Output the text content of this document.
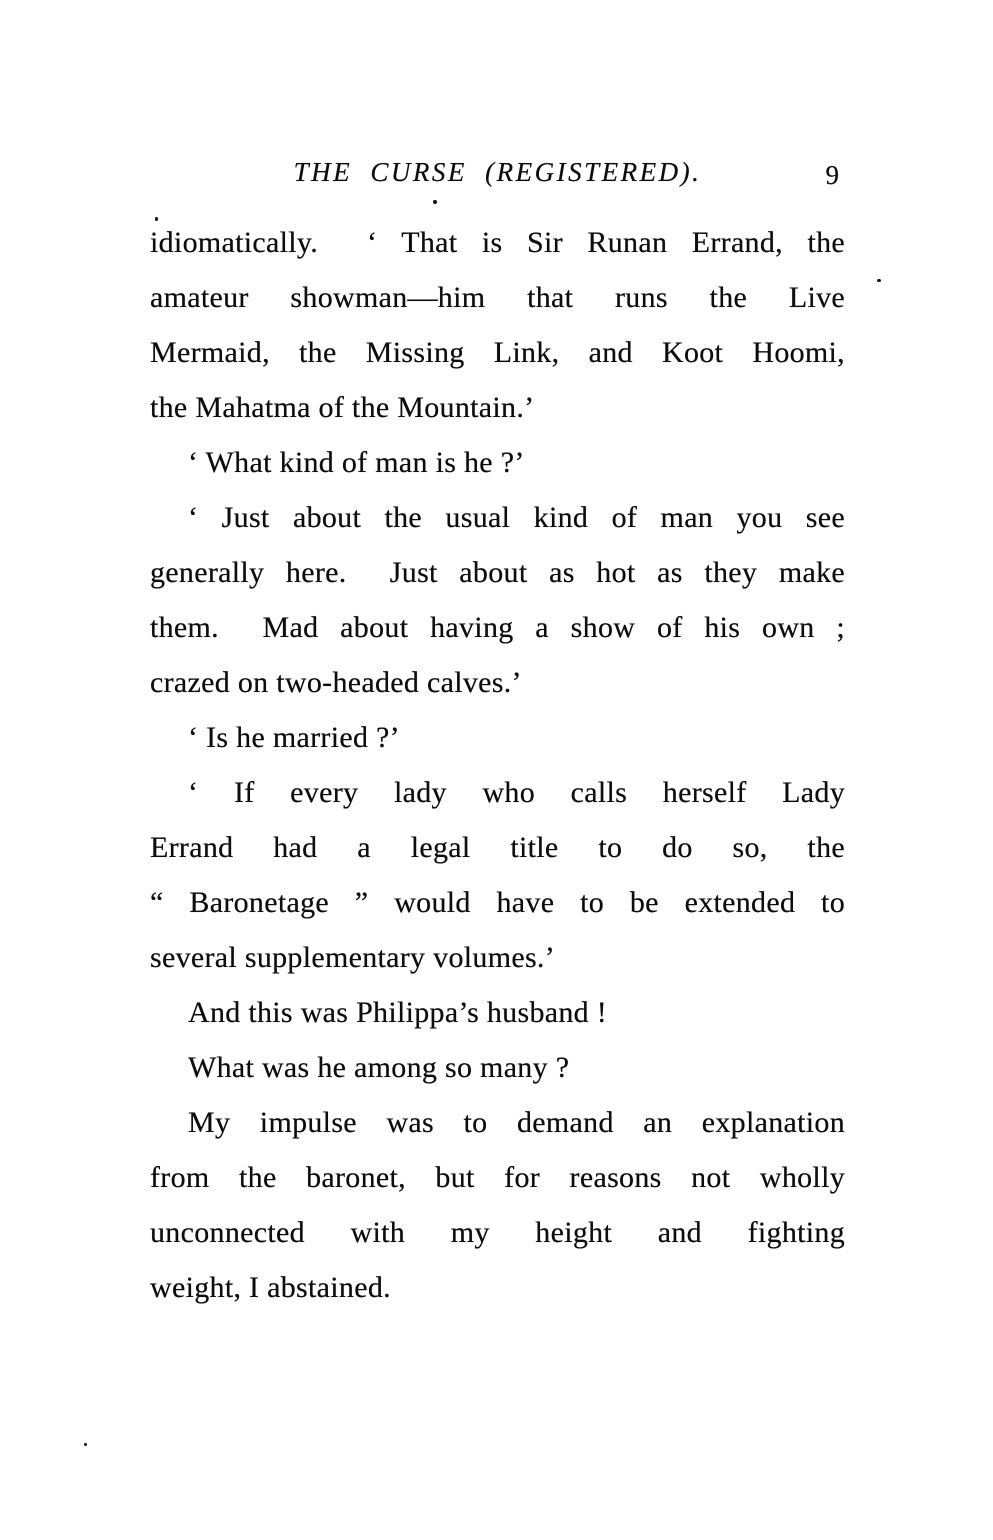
THE CURSE (REGISTERED).	9
idiomatically.  ‘ That is Sir Runan Errand, the
amateur showman—him that runs the Live
Mermaid, the Missing Link, and Koot Hoomi,
the Mahatma of the Mountain.’
‘ What kind of man is he ?’
‘ Just about the usual kind of man you see
generally here.  Just about as hot as they make
them.  Mad about having a show of his own ;
crazed on two-headed calves.’
‘ Is he married ?’
‘ If every lady who calls herself Lady
Errand had a legal title to do so, the
“ Baronetage ” would have to be extended to
several supplementary volumes.’
And this was Philippa’s husband !
What was he among so many ?
My impulse was to demand an explanation
from the baronet, but for reasons not wholly
unconnected with my height and fighting
weight, I abstained.
